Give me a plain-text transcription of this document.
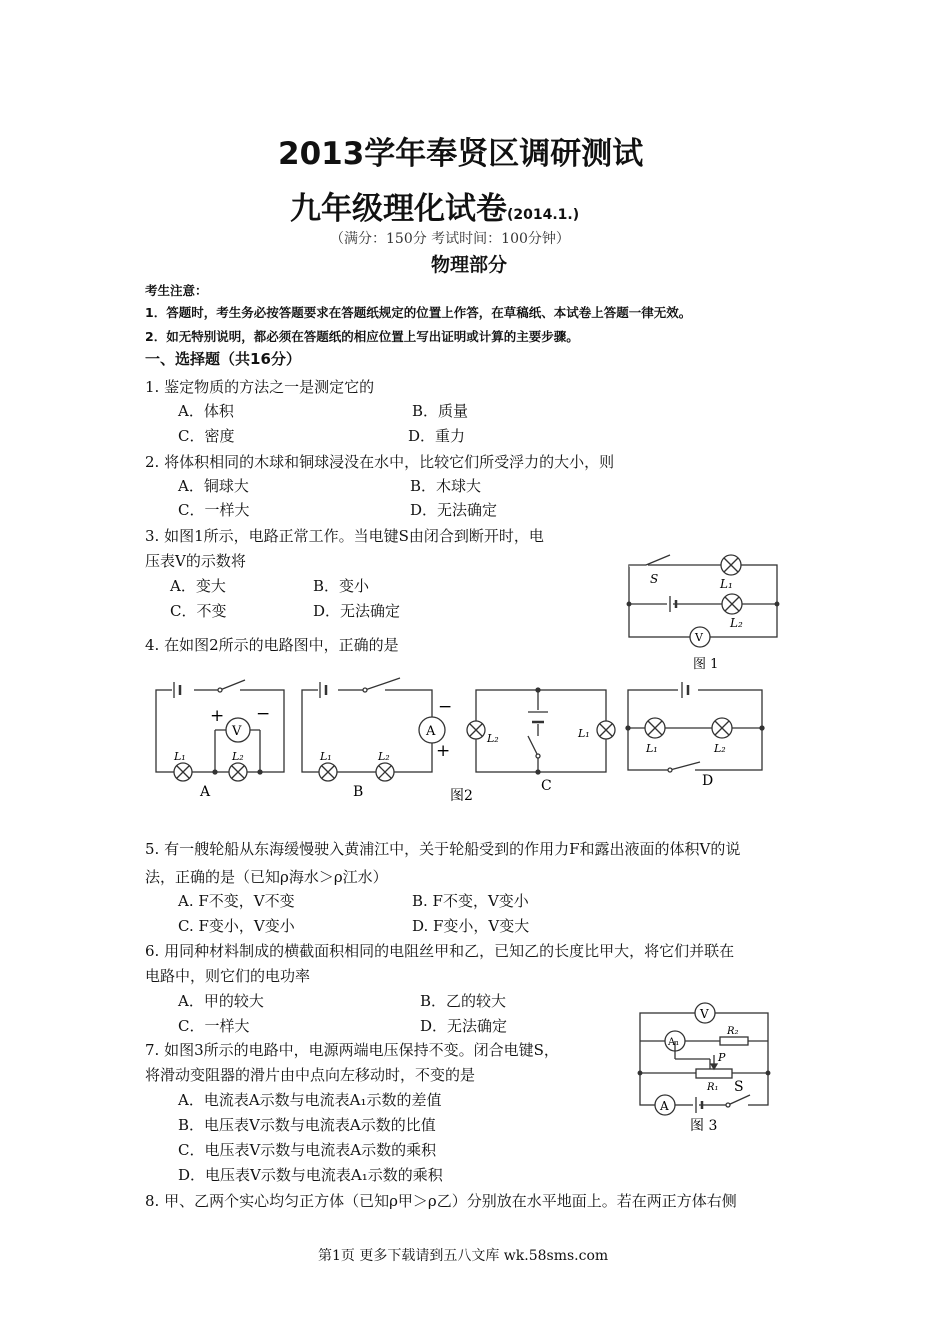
2013学年奉贤区调研测试
九年级理化试卷(2014.1.)
（满分：150分 考试时间：100分钟）
物理部分
考生注意：
1．答题时，考生务必按答题要求在答题纸规定的位置上作答，在草稿纸、本试卷上答题一律无效。
2．如无特别说明，都必须在答题纸的相应位置上写出证明或计算的主要步骤。
一、选择题（共16分）
1. 鉴定物质的方法之一是测定它的
A．体积	B．质量
C．密度	D．重力
2. 将体积相同的木球和铜球浸没在水中，比较它们所受浮力的大小，则
A．铜球大	B．木球大
C．一样大	D．无法确定
3. 如图1所示，电路正常工作。当电键S由闭合到断开时，电
压表V的示数将
A．变大	B．变小
C．不变	D．无法确定
S	L₁
L₂
V
图 1
4. 在如图2所示的电路图中，正确的是
+ −
V
L₁	L₂
A
−
A
+
L₁	L₂
B
L₂	L₁
C
图2
L₁	L₂
D
5. 有一艘轮船从东海缓慢驶入黄浦江中，关于轮船受到的作用力F和露出液面的体积V的说
法，正确的是（已知ρ海水＞ρ江水）
A. F不变，V不变	B. F不变，V变小
C. F变小，V变小	D. F变小，V变大
6. 用同种材料制成的横截面积相同的电阻丝甲和乙，已知乙的长度比甲大，将它们并联在
电路中，则它们的电功率
A．甲的较大	B．乙的较大
C．一样大	D．无法确定
7. 如图3所示的电路中，电源两端电压保持不变。闭合电键S，
将滑动变阻器的滑片由中点向左移动时，不变的是
A．电流表A示数与电流表A₁示数的差值
B．电压表V示数与电流表A示数的比值
C．电压表V示数与电流表A示数的乘积
D．电压表V示数与电流表A₁示数的乘积
V
A₁
R₂
P
R₁ S
A
图 3
8. 甲、乙两个实心均匀正方体（已知ρ甲＞ρ乙）分别放在水平地面上。若在两正方体右侧
第1页 更多下载请到五八文库 wk.58sms.com
